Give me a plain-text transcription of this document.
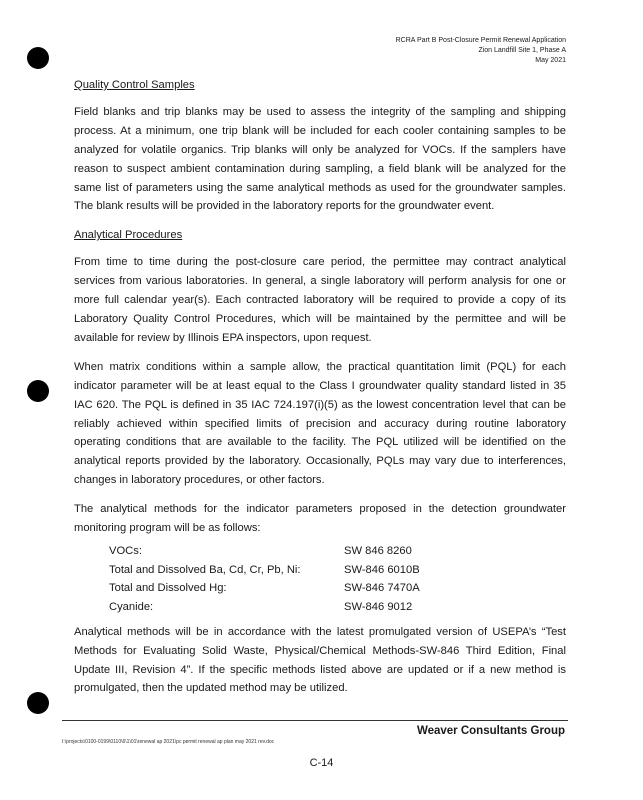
RCRA Part B Post-Closure Permit Renewal Application
Zion Landfill Site 1, Phase A
May 2021
Quality Control Samples

Field blanks and trip blanks may be used to assess the integrity of the sampling and shipping process. At a minimum, one trip blank will be included for each cooler containing samples to be analyzed for volatile organics. Trip blanks will only be analyzed for VOCs. If the samplers have reason to suspect ambient contamination during sampling, a field blank will be analyzed for the same list of parameters using the same analytical methods as used for the groundwater samples. The blank results will be provided in the laboratory reports for the groundwater event.

Analytical Procedures

From time to time during the post-closure care period, the permittee may contract analytical services from various laboratories. In general, a single laboratory will perform analysis for one or more full calendar year(s). Each contracted laboratory will be required to provide a copy of its Laboratory Quality Control Procedures, which will be maintained by the permittee and will be available for review by Illinois EPA inspectors, upon request.

When matrix conditions within a sample allow, the practical quantitation limit (PQL) for each indicator parameter will be at least equal to the Class I groundwater quality standard listed in 35 IAC 620. The PQL is defined in 35 IAC 724.197(i)(5) as the lowest concentration level that can be reliably achieved within specified limits of precision and accuracy during routine laboratory operating conditions that are available to the facility. The PQL utilized will be identified on the analytical reports provided by the laboratory. Occasionally, PQLs may vary due to interferences, changes in laboratory procedures, or other factors.

The analytical methods for the indicator parameters proposed in the detection groundwater monitoring program will be as follows:

VOCs:	SW 846 8260
Total and Dissolved Ba, Cd, Cr, Pb, Ni:	SW-846 6010B
Total and Dissolved Hg:	SW-846 7470A
Cyanide:	SW-846 9012

Analytical methods will be in accordance with the latest promulgated version of USEPA’s “Test Methods for Evaluating Solid Waste, Physical/Chemical Methods-SW-846 Third Edition, Final Update III, Revision 4”. If the specific methods listed above are updated or if a new method is promulgated, then the updated method may be utilized.

Weaver Consultants Group
I:\projects\0100-0199\0110\6\1\01\renewal ap 2021\pc permit renewal ap plan may 2021 rev.doc
C-14
